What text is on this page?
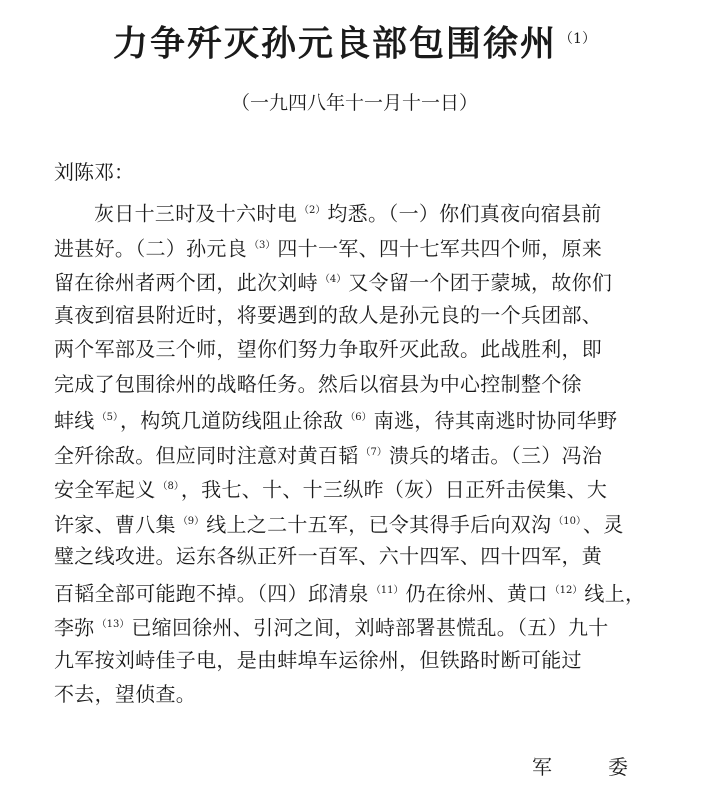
力争歼灭孙元良部包围徐州 $^{(1)}$
（一九四八年十一月十一日）
刘陈邓：
灰日十三时及十六时电 $^{(2)}$ 均悉。（一）你们真夜向宿县前
进甚好。（二）孙元良 $^{(3)}$ 四十一军、四十七军共四个师，原来
留在徐州者两个团，此次刘峙 $^{(4)}$ 又令留一个团于蒙城，故你们
真夜到宿县附近时，将要遇到的敌人是孙元良的一个兵团部、
两个军部及三个师，望你们努力争取歼灭此敌。此战胜利，即
完成了包围徐州的战略任务。然后以宿县为中心控制整个徐
蚌线 $^{(5)}$ ，构筑几道防线阻止徐敌 $^{(6)}$ 南逃，待其南逃时协同华野
全歼徐敌。但应同时注意对黄百韬 $^{(7)}$ 溃兵的堵击。（三）冯治
安全军起义 $^{(8)}$ ，我七、十、十三纵昨（灰）日正歼击侯集、大
许家、曹八集 $^{(9)}$ 线上之二十五军，已令其得手后向双沟 $^{(10)}$ 、灵
璧之线攻进。运东各纵正歼一百军、六十四军、四十四军，黄
百韬全部可能跑不掉。（四）邱清泉 $^{(11)}$ 仍在徐州、黄口 $^{(12)}$ 线上，
李弥 $^{(13)}$ 已缩回徐州、引河之间，刘峙部署甚慌乱。（五）九十
九军按刘峙佳子电，是由蚌埠车运徐州，但铁路时断可能过
不去，望侦查。
军　委
